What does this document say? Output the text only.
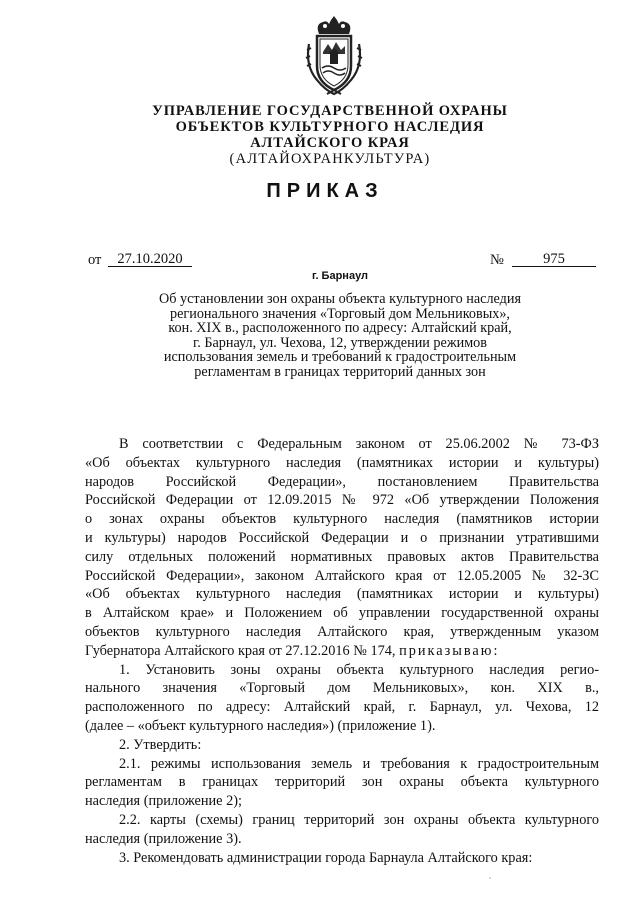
УПРАВЛЕНИЕ ГОСУДАРСТВЕННОЙ ОХРАНЫ
ОБЪЕКТОВ КУЛЬТУРНОГО НАСЛЕДИЯ
АЛТАЙСКОГО КРАЯ
(АЛТАЙОХРАНКУЛЬТУРА)
ПРИКАЗ
от	27.10.2020	№	975
г. Барнаул
Об установлении зон охраны объекта культурного наследия
регионального значения «Торговый дом Мельниковых»,
кон. XIX в., расположенного по адресу: Алтайский край,
г. Барнаул, ул. Чехова, 12, утверждении режимов
использования земель и требований к градостроительным
регламентам в границах территорий данных зон

В соответствии с Федеральным законом от 25.06.2002 № 73-ФЗ
«Об объектах культурного наследия (памятниках истории и культуры)
народов Российской Федерации», постановлением Правительства
Российской Федерации от 12.09.2015 № 972 «Об утверждении Положения
о зонах охраны объектов культурного наследия (памятников истории
и культуры) народов Российской Федерации и о признании утратившими
силу отдельных положений нормативных правовых актов Правительства
Российской Федерации», законом Алтайского края от 12.05.2005 № 32-ЗС
«Об объектах культурного наследия (памятниках истории и культуры)
в Алтайском крае» и Положением об управлении государственной охраны
объектов культурного наследия Алтайского края, утвержденным указом
Губернатора Алтайского края от 27.12.2016 № 174, приказываю:

1. Установить зоны охраны объекта культурного наследия регио-
нального значения «Торговый дом Мельниковых», кон. XIX в.,
расположенного по адресу: Алтайский край, г. Барнаул, ул. Чехова, 12
(далее – «объект культурного наследия») (приложение 1).

2. Утвердить:

2.1. режимы использования земель и требования к градостроительным
регламентам в границах территорий зон охраны объекта культурного
наследия (приложение 2);

2.2. карты (схемы) границ территорий зон охраны объекта культурного
наследия (приложение 3).

3. Рекомендовать администрации города Барнаула Алтайского края:
